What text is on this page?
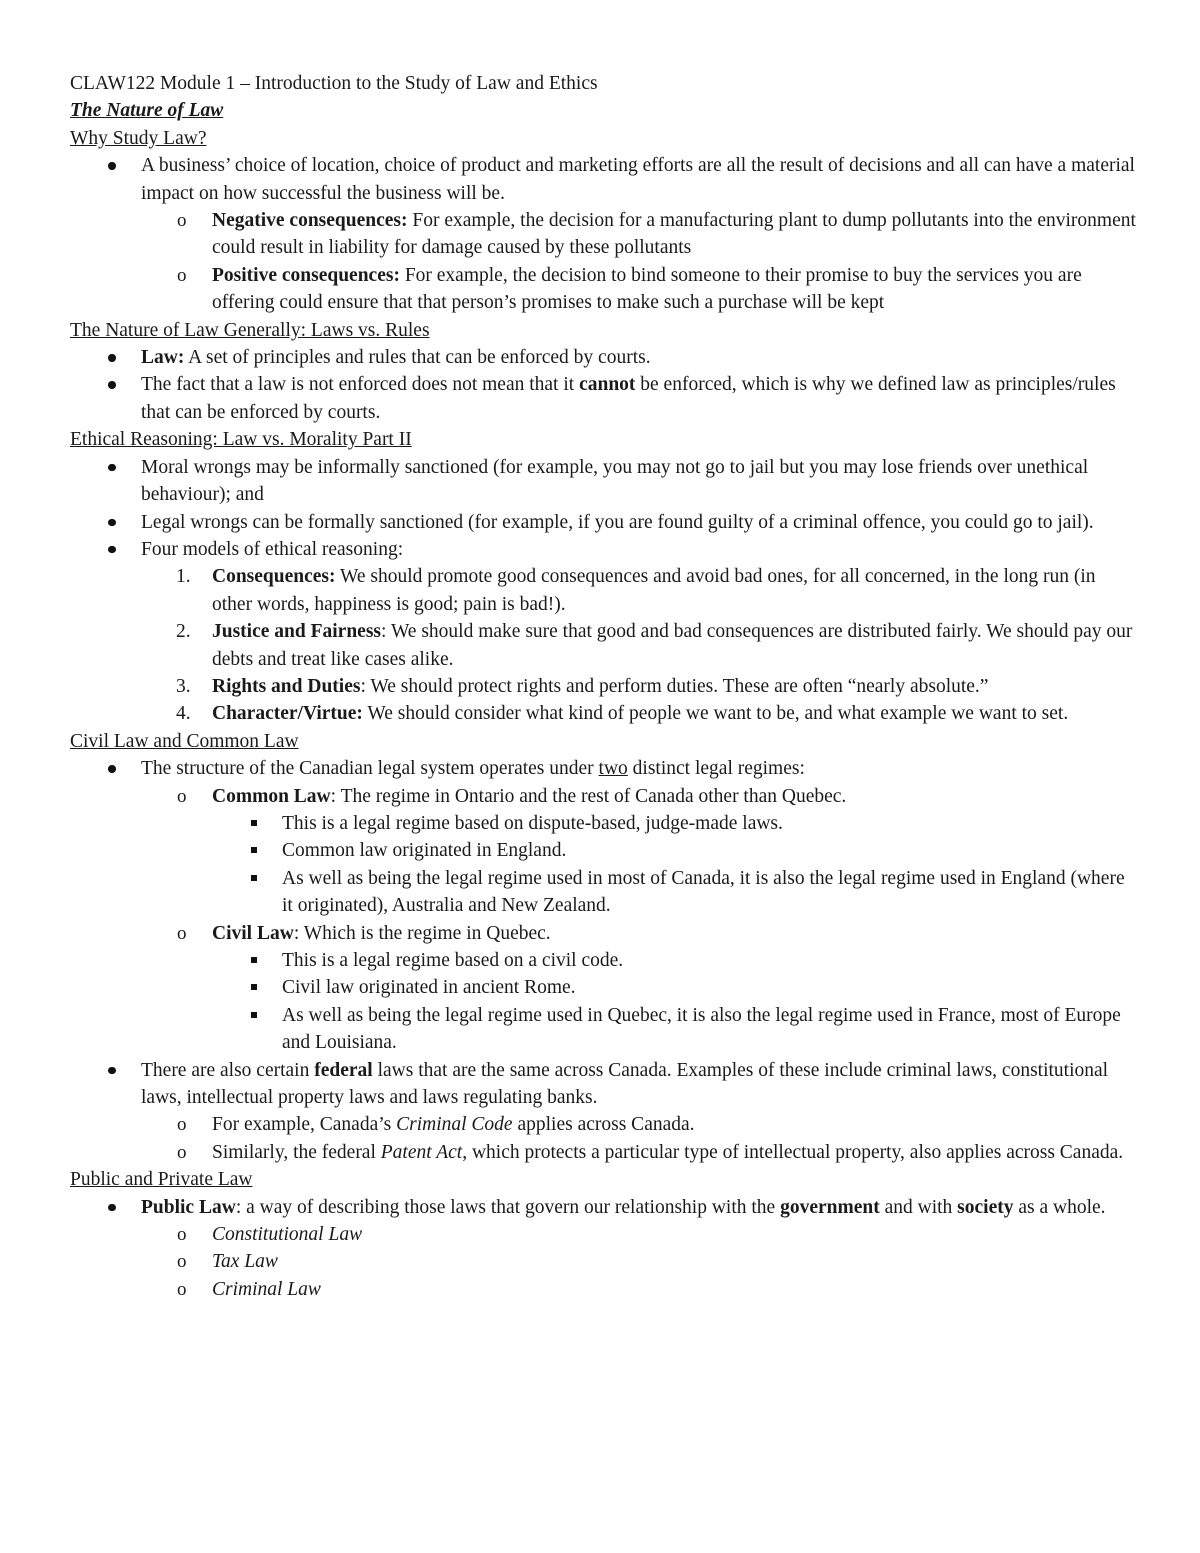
CLAW122 Module 1 – Introduction to the Study of Law and Ethics

The Nature of Law

Why Study Law?

A business’ choice of location, choice of product and marketing efforts are all the result of decisions and all can have a material impact on how successful the business will be.
o Negative consequences: For example, the decision for a manufacturing plant to dump pollutants into the environment could result in liability for damage caused by these pollutants
o Positive consequences: For example, the decision to bind someone to their promise to buy the services you are offering could ensure that that person’s promises to make such a purchase will be kept

The Nature of Law Generally: Laws vs. Rules

Law: A set of principles and rules that can be enforced by courts.
The fact that a law is not enforced does not mean that it cannot be enforced, which is why we defined law as principles/rules that can be enforced by courts.

Ethical Reasoning: Law vs. Morality Part II

Moral wrongs may be informally sanctioned (for example, you may not go to jail but you may lose friends over unethical behaviour); and
Legal wrongs can be formally sanctioned (for example, if you are found guilty of a criminal offence, you could go to jail).
Four models of ethical reasoning:
1. Consequences: We should promote good consequences and avoid bad ones, for all concerned, in the long run (in other words, happiness is good; pain is bad!).
2. Justice and Fairness: We should make sure that good and bad consequences are distributed fairly. We should pay our debts and treat like cases alike.
3. Rights and Duties: We should protect rights and perform duties. These are often “nearly absolute.”
4. Character/Virtue: We should consider what kind of people we want to be, and what example we want to set.

Civil Law and Common Law

The structure of the Canadian legal system operates under two distinct legal regimes:
o Common Law: The regime in Ontario and the rest of Canada other than Quebec.
This is a legal regime based on dispute-based, judge-made laws.
Common law originated in England.
As well as being the legal regime used in most of Canada, it is also the legal regime used in England (where it originated), Australia and New Zealand.
o Civil Law: Which is the regime in Quebec.
This is a legal regime based on a civil code.
Civil law originated in ancient Rome.
As well as being the legal regime used in Quebec, it is also the legal regime used in France, most of Europe and Louisiana.
There are also certain federal laws that are the same across Canada. Examples of these include criminal laws, constitutional laws, intellectual property laws and laws regulating banks.
o For example, Canada’s Criminal Code applies across Canada.
o Similarly, the federal Patent Act, which protects a particular type of intellectual property, also applies across Canada.

Public and Private Law

Public Law: a way of describing those laws that govern our relationship with the government and with society as a whole.
o Constitutional Law
o Tax Law
o Criminal Law
